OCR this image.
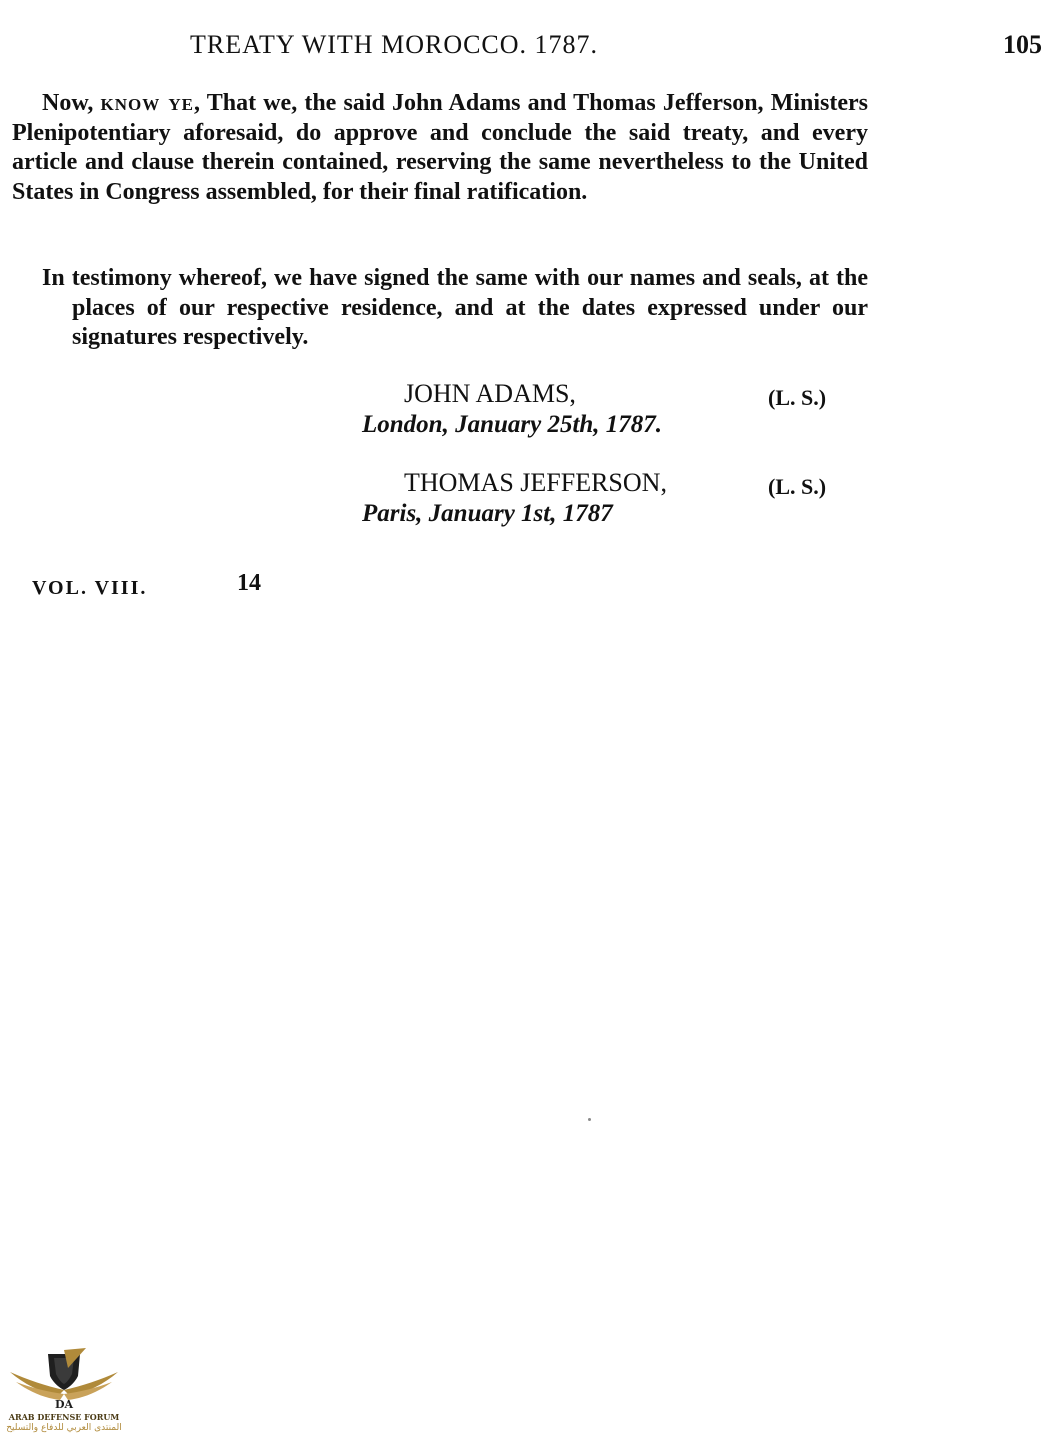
TREATY WITH MOROCCO. 1787.	105
Now, know ye, That we, the said John Adams and Thomas Jefferson, Ministers Plenipotentiary aforesaid, do approve and conclude the said treaty, and every article and clause therein contained, reserving the same nevertheless to the United States in Congress assembled, for their final ratification.
In testimony whereof, we have signed the same with our names and seals, at the places of our respective residence, and at the dates expressed under our signatures respectively.
JOHN ADAMS,	(L. S.)
London, January 25th, 1787.
THOMAS JEFFERSON,	(L. S.)
Paris, January 1st, 1787
VOL. VIII.	14
DA
ARAB DEFENSE FORUM
المنتدى العربي للدفاع والتسليح
